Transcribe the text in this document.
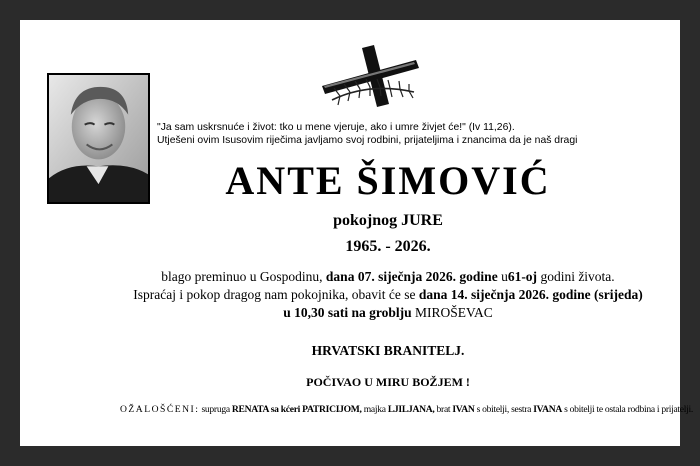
"Ja sam uskrsnuće i život: tko u mene vjeruje, ako i umre živjet će!" (Iv 11,26).
Utješeni ovim Isusovim riječima javljamo svoj rodbini, prijateljima i znancima da je naš dragi
ANTE ŠIMOVIĆ
pokojnog JURE
1965. - 2026.
blago preminuo u Gospodinu, dana 07. siječnja 2026. godine u61-oj godini života.
Ispraćaj i pokop dragog nam pokojnika, obavit će se dana 14. siječnja 2026. godine (srijeda)
u 10,30 sati na groblju MIROŠEVAC
HRVATSKI BRANITELJ.
POČIVAO U MIRU BOŽJEM !
OŽALOŠĆENI: supruga RENATA sa kćeri PATRICIJOM, majka LJILJANA, brat IVAN s obitelji, sestra IVANA s obitelji te ostala rodbina i prijatelji.
